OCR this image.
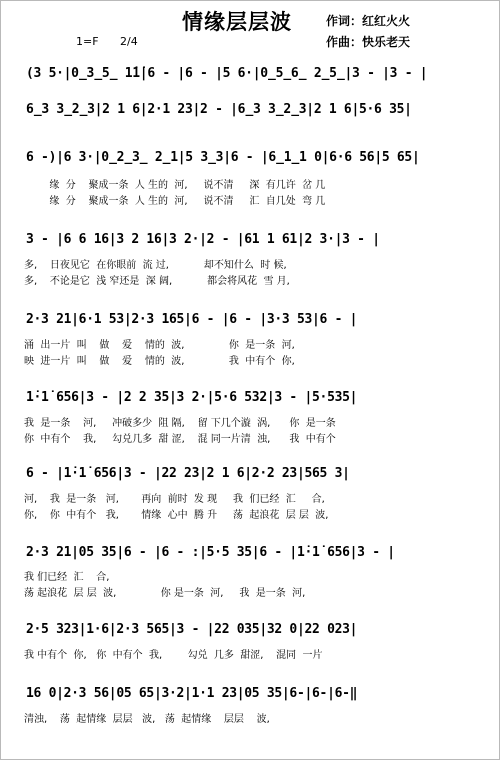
情缘层层波	作词：红红火火
作曲：快乐老天
1=F 2/4
(3 5·|0̲3̲5̲ 1̇1̇|6 - |6 - |5 6·|0̲5̲6̲ 2̲5̲|3 - |3 - |
6̲3 3̲2̲3|2 1 6|2·1 23|2 - |6̲3 3̲2̲3|2 1 6|5·6 35|
6 -)|6 3·|0̲2̲3̲ 2̲1|5 3̲3|6 - |6̲1̲1 0|6·6 56|5 65|
缘  分    聚成一条  人 生的  河,     说不清     深  有几许  岔 几
缘  分    聚成一条  人 生的  河,     说不清     汇  自几处  弯 几
3 - |6 6 16|3 2 16|3 2·|2 - |61 1 61|2 3·|3 - |
多,    日夜见它  在你眼前  流 过,           却不知什么  时 候,
多,    不论是它  浅 窄还是  深 阔,           都会将风花  雪 月,
2·3 21|6·1 53|2·3 165|6 - |6 - |3·3 53|6 - |
涌  出一片  叫    做    爱    情的  波,              你  是一条  河,
映  进一片  叫    做    爱    情的  波,              我  中有个  你,
1̇·1̇ 656|3 - |2 2 35|3 2·|5·6 532|3 - |5·535|
我  是一条    河,     冲破多少  阻 隔,    留 下几个漩  涡,      你  是一条
你  中有个    我,     勾兑几多  甜 涩,    混 同一片清  浊,      我  中有个
6 - |1̇·1̇ 656|3 - |22 23|2 1 6|2·2 23|565 3|
河,    我  是一条   河,       再向  前时  发 现     我  们已经  汇     合,
你,    你  中有个   我,       情缘  心中  腾 升     荡  起浪花  层 层  波,
2·3 21|05 35|6 - |6 - :|5·5 35|6 - |1̇·1̇ 656|3 - |
我 们已经  汇    合,
荡 起浪花  层 层  波,              你 是一条  河,     我  是一条  河,
2·5 323|1·6|2·3 565|3 - |22 035|32 0|22 023|
我 中有个  你,   你  中有个  我,        勾兑  几多  甜涩,    混同  一片
16 0|2·3 56|05 65|3·2|1·1 23|05 35|6-|6-|6-‖
清浊,    荡  起情缘  层层   波,   荡  起情缘    层层    波,
